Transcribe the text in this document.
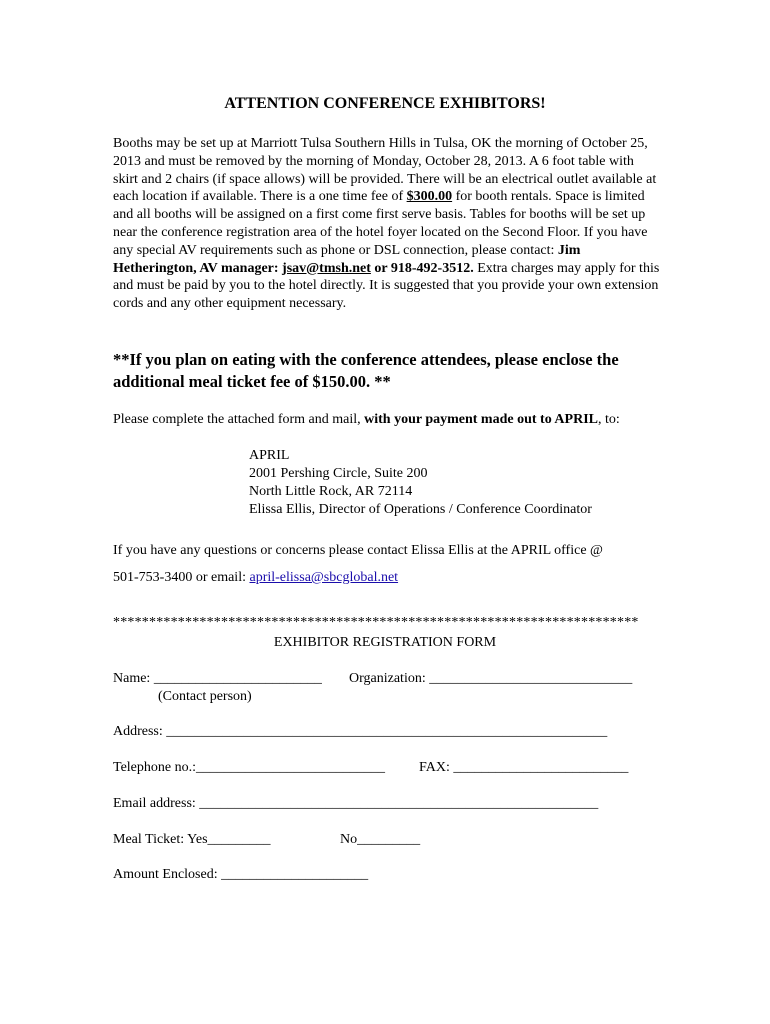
ATTENTION CONFERENCE EXHIBITORS!
Booths may be set up at Marriott Tulsa Southern Hills in Tulsa, OK the morning of October 25, 2013 and must be removed by the morning of Monday, October 28, 2013. A 6 foot table with skirt and 2 chairs (if space allows) will be provided. There will be an electrical outlet available at each location if available. There is a one time fee of $300.00 for booth rentals. Space is limited and all booths will be assigned on a first come first serve basis. Tables for booths will be set up near the conference registration area of the hotel foyer located on the Second Floor. If you have any special AV requirements such as phone or DSL connection, please contact: Jim Hetherington, AV manager: jsav@tmsh.net or 918-492-3512. Extra charges may apply for this and must be paid by you to the hotel directly. It is suggested that you provide your own extension cords and any other equipment necessary.
**If you plan on eating with the conference attendees, please enclose the additional meal ticket fee of $150.00. **
Please complete the attached form and mail, with your payment made out to APRIL, to:
APRIL
2001 Pershing Circle, Suite 200
North Little Rock, AR 72114
Elissa Ellis, Director of Operations / Conference Coordinator
If you have any questions or concerns please contact Elissa Ellis at the APRIL office @
501-753-3400 or email: april-elissa@sbcglobal.net
*************************************************************************
EXHIBITOR REGISTRATION FORM
Name: ________________________ Organization: _____________________________
(Contact person)
Address: _______________________________________________________________
Telephone no.:___________________________ FAX: _________________________
Email address: _________________________________________________________
Meal Ticket: Yes_________	No_________
Amount Enclosed: _____________________
